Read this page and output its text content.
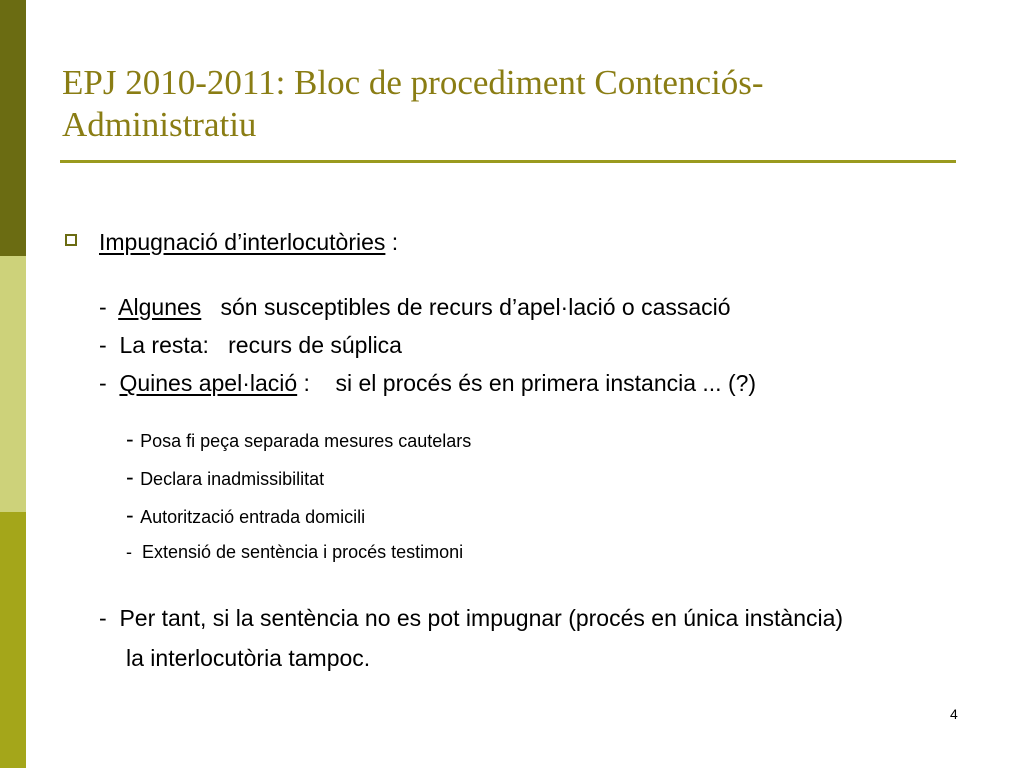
EPJ 2010-2011: Bloc de procediment Contenciós-
Administratiu
Impugnació d’interlocutòries :
-  Algunes   són susceptibles de recurs d’apel·lació o cassació
-  La resta:   recurs de súplica
-  Quines apel·lació :    si el procés és en primera instancia ... (?)
- Posa fi peça separada mesures cautelars
- Declara inadmissibilitat
- Autorització entrada domicili
-  Extensió de sentència i procés testimoni
-  Per tant, si la sentència no es pot impugnar (procés en única instància)
la interlocutòria tampoc.
4
